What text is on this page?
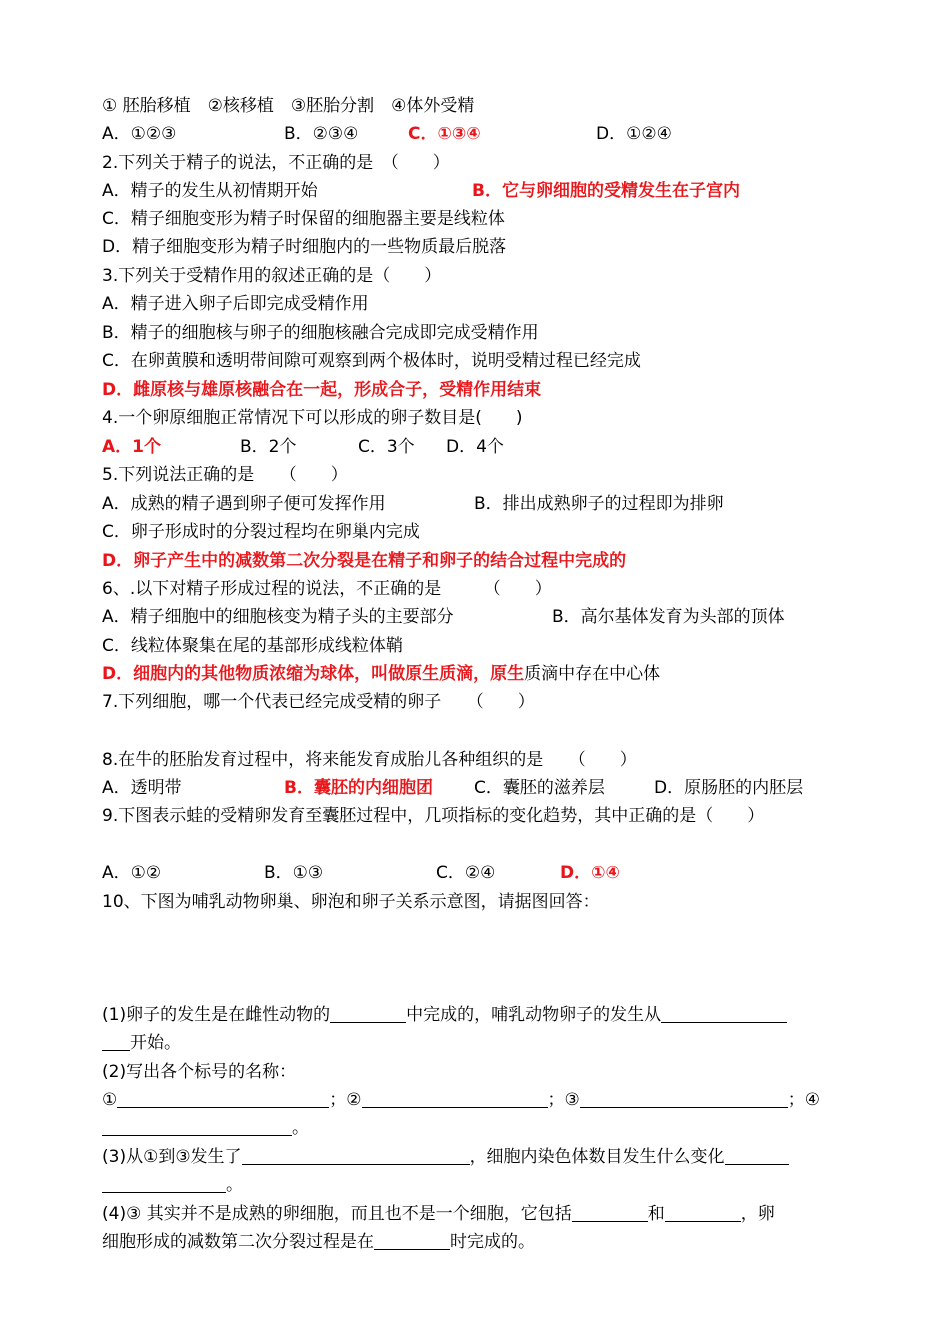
① 胚胎移植　②核移植　③胚胎分割　④体外受精
A．①②③	B．②③④	C．①③④	D．①②④
2.下列关于精子的说法，不正确的是　（　　）
A．精子的发生从初情期开始	B．它与卵细胞的受精发生在子宫内
C．精子细胞变形为精子时保留的细胞器主要是线粒体
D．精子细胞变形为精子时细胞内的一些物质最后脱落
3.下列关于受精作用的叙述正确的是（　　）
A．精子进入卵子后即完成受精作用
B．精子的细胞核与卵子的细胞核融合完成即完成受精作用
C．在卵黄膜和透明带间隙可观察到两个极体时，说明受精过程已经完成
D．雌原核与雄原核融合在一起，形成合子，受精作用结束
4.一个卵原细胞正常情况下可以形成的卵子数目是(　　)
A．1个	B．2个	C．3个 D．4个
5.下列说法正确的是　　（　　）
A．成熟的精子遇到卵子便可发挥作用	B．排出成熟卵子的过程即为排卵
C．卵子形成时的分裂过程均在卵巢内完成
D．卵子产生中的减数第二次分裂是在精子和卵子的结合过程中完成的
6、.以下对精子形成过程的说法，不正确的是　　　（　　）
A．精子细胞中的细胞核变为精子头的主要部分	B．高尔基体发育为头部的顶体
C．线粒体聚集在尾的基部形成线粒体鞘
D．细胞内的其他物质浓缩为球体，叫做原生质滴，原生质滴中存在中心体
7.下列细胞，哪一个代表已经完成受精的卵子　　（　　）
8.在牛的胚胎发育过程中，将来能发育成胎儿各种组织的是　　（　　）
A．透明带	B．囊胚的内细胞团 C．囊胚的滋养层	D．原肠胚的内胚层
9.下图表示蛙的受精卵发育至囊胚过程中，几项指标的变化趋势，其中正确的是（　　）
A．①②	B．①③	C．②④	D．①④
10、下图为哺乳动物卵巢、卵泡和卵子关系示意图，请据图回答：
(1)卵子的发生是在雌性动物的	中完成的，哺乳动物卵子的发生从
开始。
(2)写出各个标号的名称：
①	；②	；③	；④
。
(3)从①到③发生了	，细胞内染色体数目发生什么变化
。
(4)③ 其实并不是成熟的卵细胞，而且也不是一个细胞，它包括	和	，卵
细胞形成的减数第二次分裂过程是在	时完成的。
